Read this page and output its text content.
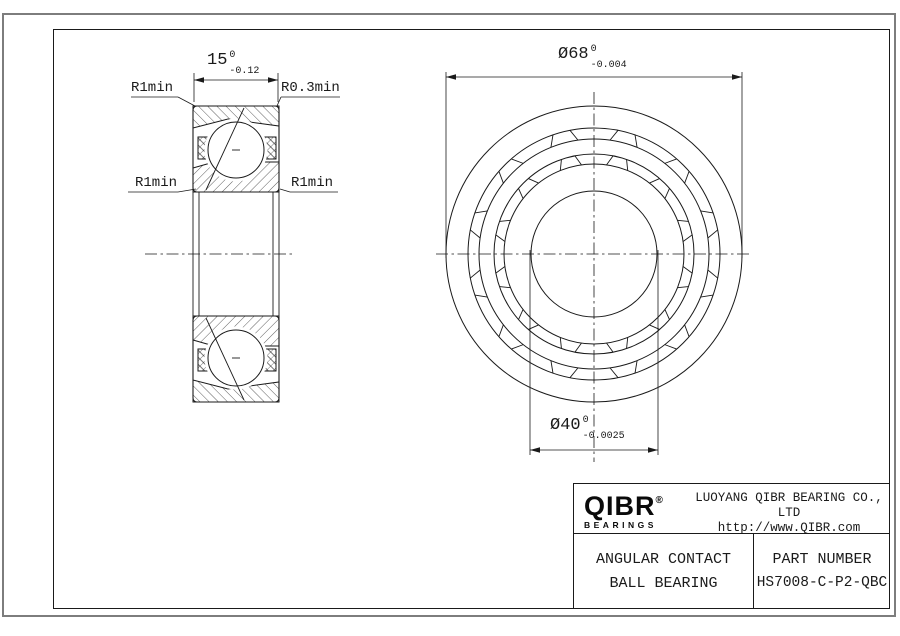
R1min	R0.3min
R1min	R1min
15 0
-0.12
Ø 68 0
-0.004
Ø 40 0
-0.0025
QIBR®
BEARINGS
LUOYANG QIBR BEARING CO., LTD
http://www.QIBR.com
ANGULAR CONTACT
BALL BEARING
PART NUMBER
HS7008-C-P2-QBC
